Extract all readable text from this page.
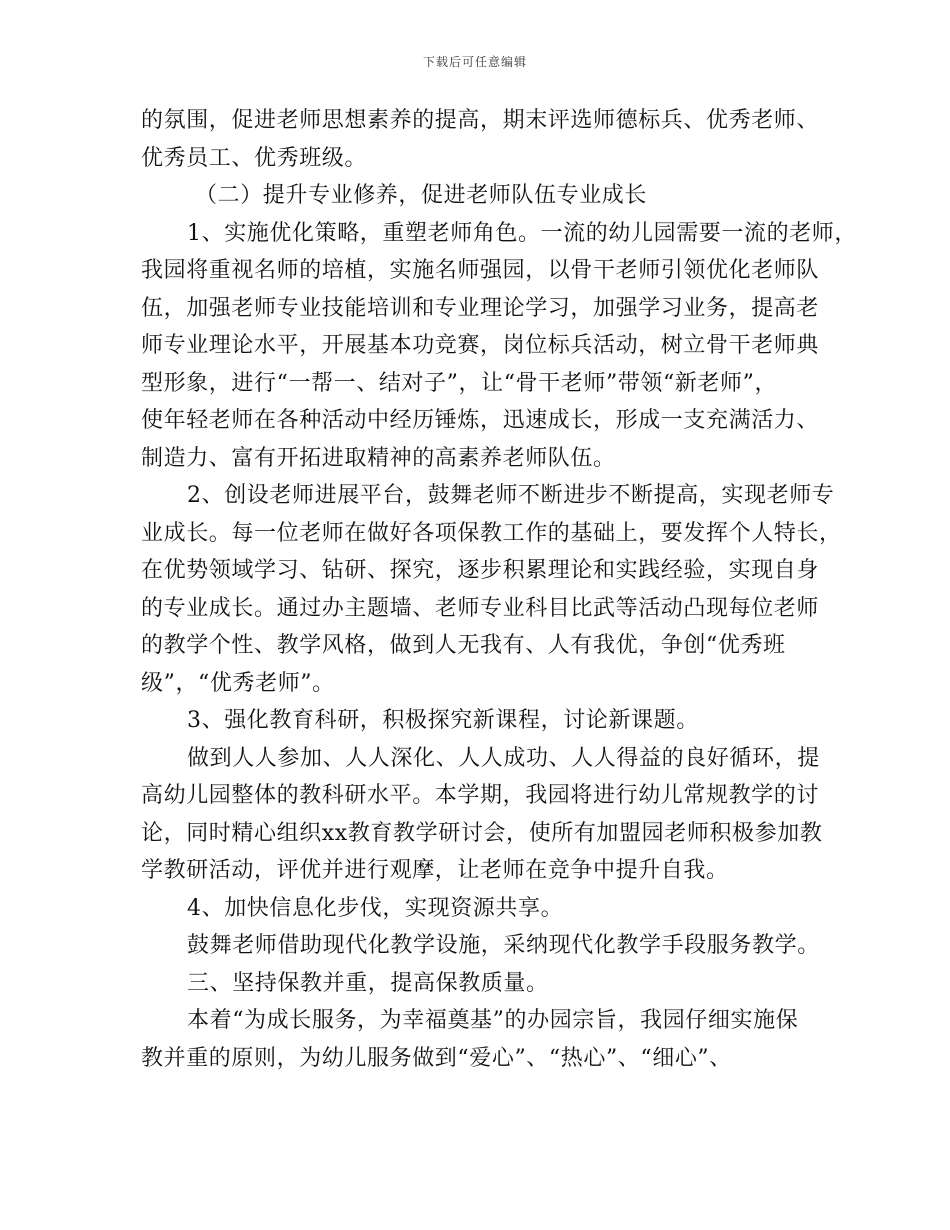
下载后可任意编辑
的氛围，促进老师思想素养的提高，期末评选师德标兵、优秀老师、
优秀员工、优秀班级。
（二）提升专业修养，促进老师队伍专业成长
1、实施优化策略，重塑老师角色。一流的幼儿园需要一流的老师，
我园将重视名师的培植，实施名师强园，以骨干老师引领优化老师队
伍，加强老师专业技能培训和专业理论学习，加强学习业务，提高老
师专业理论水平，开展基本功竞赛，岗位标兵活动，树立骨干老师典
型形象，进行“一帮一、结对子”，让“骨干老师”带领“新老师”，
使年轻老师在各种活动中经历锤炼，迅速成长，形成一支充满活力、
制造力、富有开拓进取精神的高素养老师队伍。
2、创设老师进展平台，鼓舞老师不断进步不断提高，实现老师专
业成长。每一位老师在做好各项保教工作的基础上，要发挥个人特长，
在优势领域学习、钻研、探究，逐步积累理论和实践经验，实现自身
的专业成长。通过办主题墙、老师专业科目比武等活动凸现每位老师
的教学个性、教学风格，做到人无我有、人有我优，争创“优秀班
级”，“优秀老师”。
3、强化教育科研，积极探究新课程，讨论新课题。
做到人人参加、人人深化、人人成功、人人得益的良好循环，提
高幼儿园整体的教科研水平。本学期，我园将进行幼儿常规教学的讨
论，同时精心组织xx教育教学研讨会，使所有加盟园老师积极参加教
学教研活动，评优并进行观摩，让老师在竞争中提升自我。
4、加快信息化步伐，实现资源共享。
鼓舞老师借助现代化教学设施，采纳现代化教学手段服务教学。
三、坚持保教并重，提高保教质量。
本着“为成长服务，为幸福奠基”的办园宗旨，我园仔细实施保
教并重的原则，为幼儿服务做到“爱心”、“热心”、“细心”、
